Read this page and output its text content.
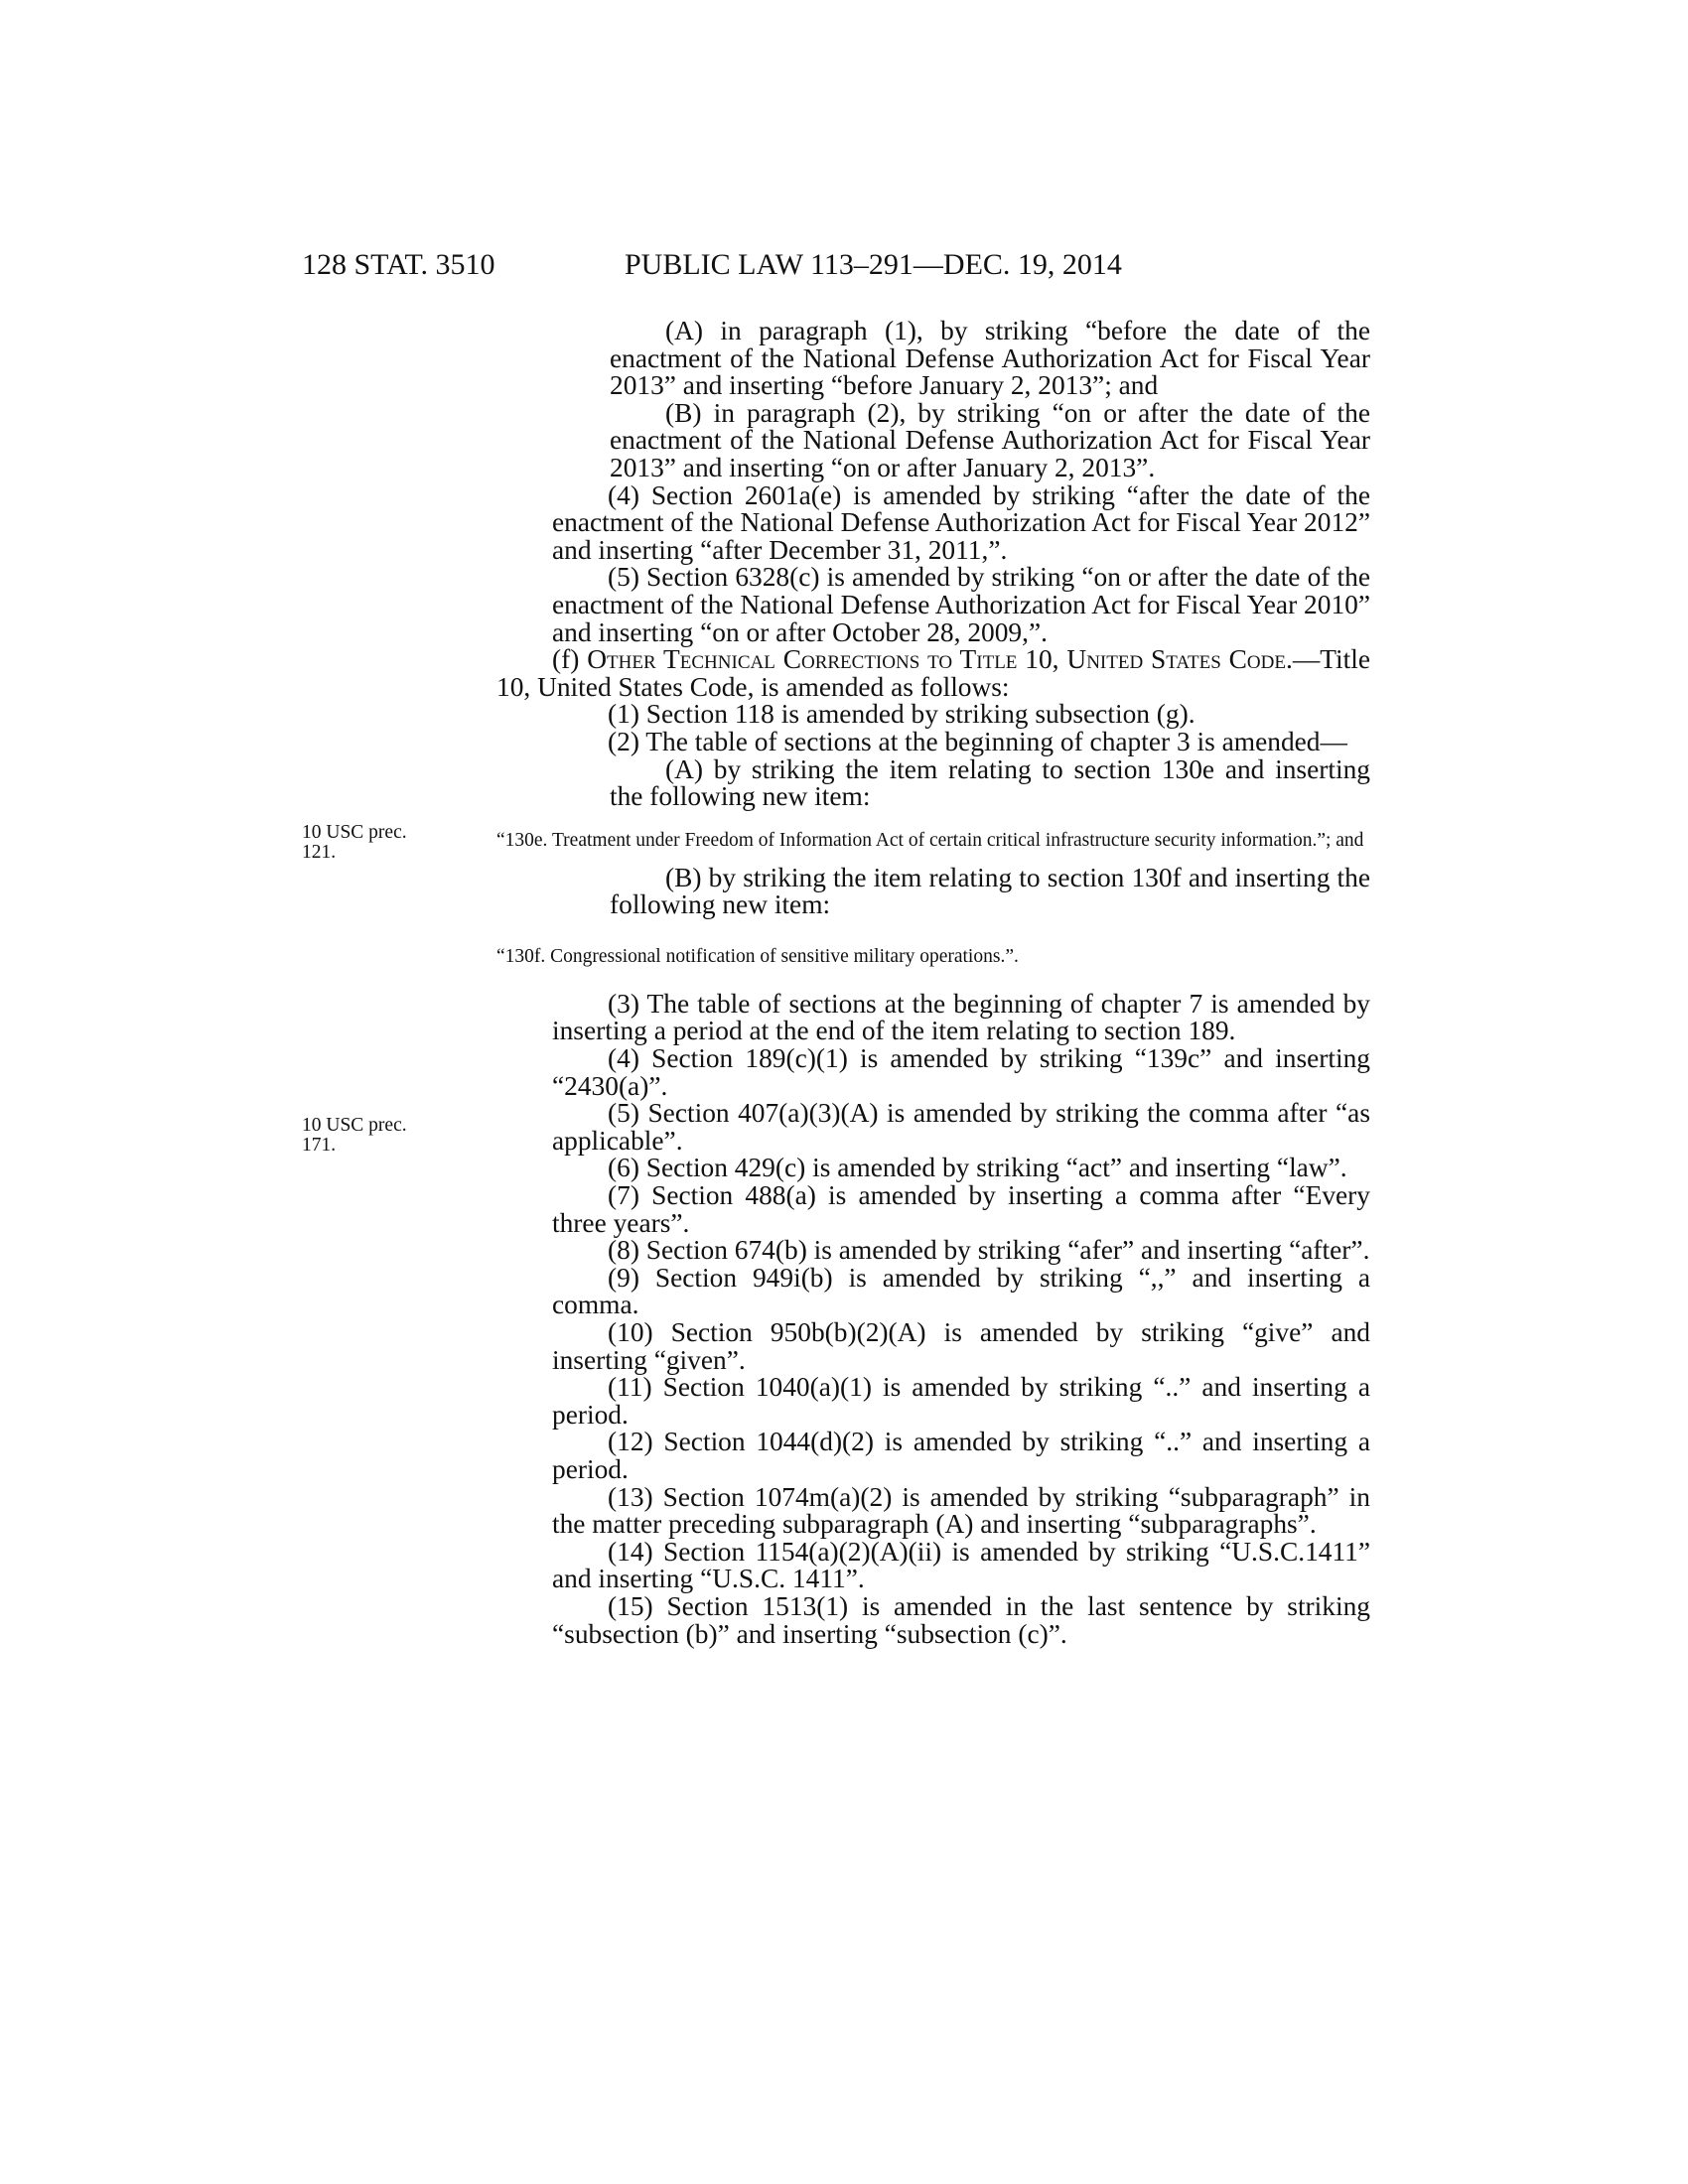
128 STAT. 3510	PUBLIC LAW 113–291—DEC. 19, 2014
10 USC prec. 121.
10 USC prec. 171.

(A) in paragraph (1), by striking “before the date of the enactment of the National Defense Authorization Act for Fiscal Year 2013” and inserting “before January 2, 2013”; and

(B) in paragraph (2), by striking “on or after the date of the enactment of the National Defense Authorization Act for Fiscal Year 2013” and inserting “on or after January 2, 2013”.

(4) Section 2601a(e) is amended by striking “after the date of the enactment of the National Defense Authorization Act for Fiscal Year 2012” and inserting “after December 31, 2011,”.

(5) Section 6328(c) is amended by striking “on or after the date of the enactment of the National Defense Authorization Act for Fiscal Year 2010” and inserting “on or after October 28, 2009,”.

(f) Other Technical Corrections to Title 10, United States Code.—Title 10, United States Code, is amended as follows:

(1) Section 118 is amended by striking subsection (g).

(2) The table of sections at the beginning of chapter 3 is amended—

(A) by striking the item relating to section 130e and inserting the following new item:

“130e. Treatment under Freedom of Information Act of certain critical infrastructure security information.”; and

(B) by striking the item relating to section 130f and inserting the following new item:

“130f. Congressional notification of sensitive military operations.”.

(3) The table of sections at the beginning of chapter 7 is amended by inserting a period at the end of the item relating to section 189.

(4) Section 189(c)(1) is amended by striking “139c” and inserting “2430(a)”.

(5) Section 407(a)(3)(A) is amended by striking the comma after “as applicable”.

(6) Section 429(c) is amended by striking “act” and inserting “law”.

(7) Section 488(a) is amended by inserting a comma after “Every three years”.

(8) Section 674(b) is amended by striking “afer” and inserting “after”.

(9) Section 949i(b) is amended by striking “,,” and inserting a comma.

(10) Section 950b(b)(2)(A) is amended by striking “give” and inserting “given”.

(11) Section 1040(a)(1) is amended by striking “..” and inserting a period.

(12) Section 1044(d)(2) is amended by striking “..” and inserting a period.

(13) Section 1074m(a)(2) is amended by striking “subparagraph” in the matter preceding subparagraph (A) and inserting “subparagraphs”.

(14) Section 1154(a)(2)(A)(ii) is amended by striking “U.S.C.1411” and inserting “U.S.C. 1411”.

(15) Section 1513(1) is amended in the last sentence by striking “subsection (b)” and inserting “subsection (c)”.
